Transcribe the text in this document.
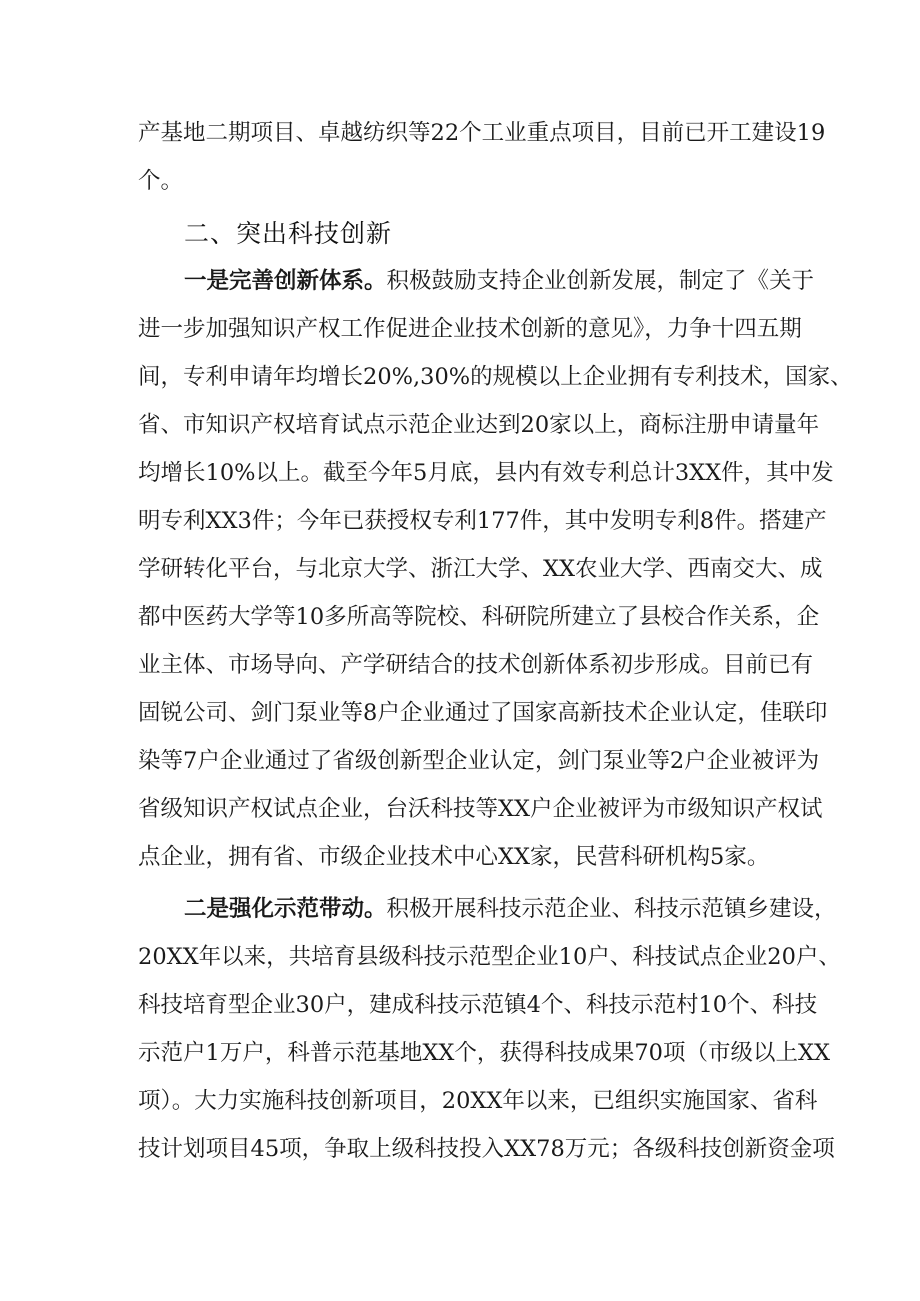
产基地二期项目、卓越纺织等22个工业重点项目，目前已开工建设19
个。
二、突出科技创新
一是完善创新体系。积极鼓励支持企业创新发展，制定了《关于
进一步加强知识产权工作促进企业技术创新的意见》，力争十四五期
间，专利申请年均增长20%,30%的规模以上企业拥有专利技术，国家、
省、市知识产权培育试点示范企业达到20家以上，商标注册申请量年
均增长10%以上。截至今年5月底，县内有效专利总计3XX件，其中发
明专利XX3件；今年已获授权专利177件，其中发明专利8件。搭建产
学研转化平台，与北京大学、浙江大学、XX农业大学、西南交大、成
都中医药大学等10多所高等院校、科研院所建立了县校合作关系，企
业主体、市场导向、产学研结合的技术创新体系初步形成。目前已有
固锐公司、剑门泵业等8户企业通过了国家高新技术企业认定，佳联印
染等7户企业通过了省级创新型企业认定，剑门泵业等2户企业被评为
省级知识产权试点企业，台沃科技等XX户企业被评为市级知识产权试
点企业，拥有省、市级企业技术中心XX家，民营科研机构5家。
二是强化示范带动。积极开展科技示范企业、科技示范镇乡建设，
20XX年以来，共培育县级科技示范型企业10户、科技试点企业20户、
科技培育型企业30户，建成科技示范镇4个、科技示范村10个、科技
示范户1万户，科普示范基地XX个，获得科技成果70项（市级以上XX
项）。大力实施科技创新项目，20XX年以来，已组织实施国家、省科
技计划项目45项，争取上级科技投入XX78万元；各级科技创新资金项
